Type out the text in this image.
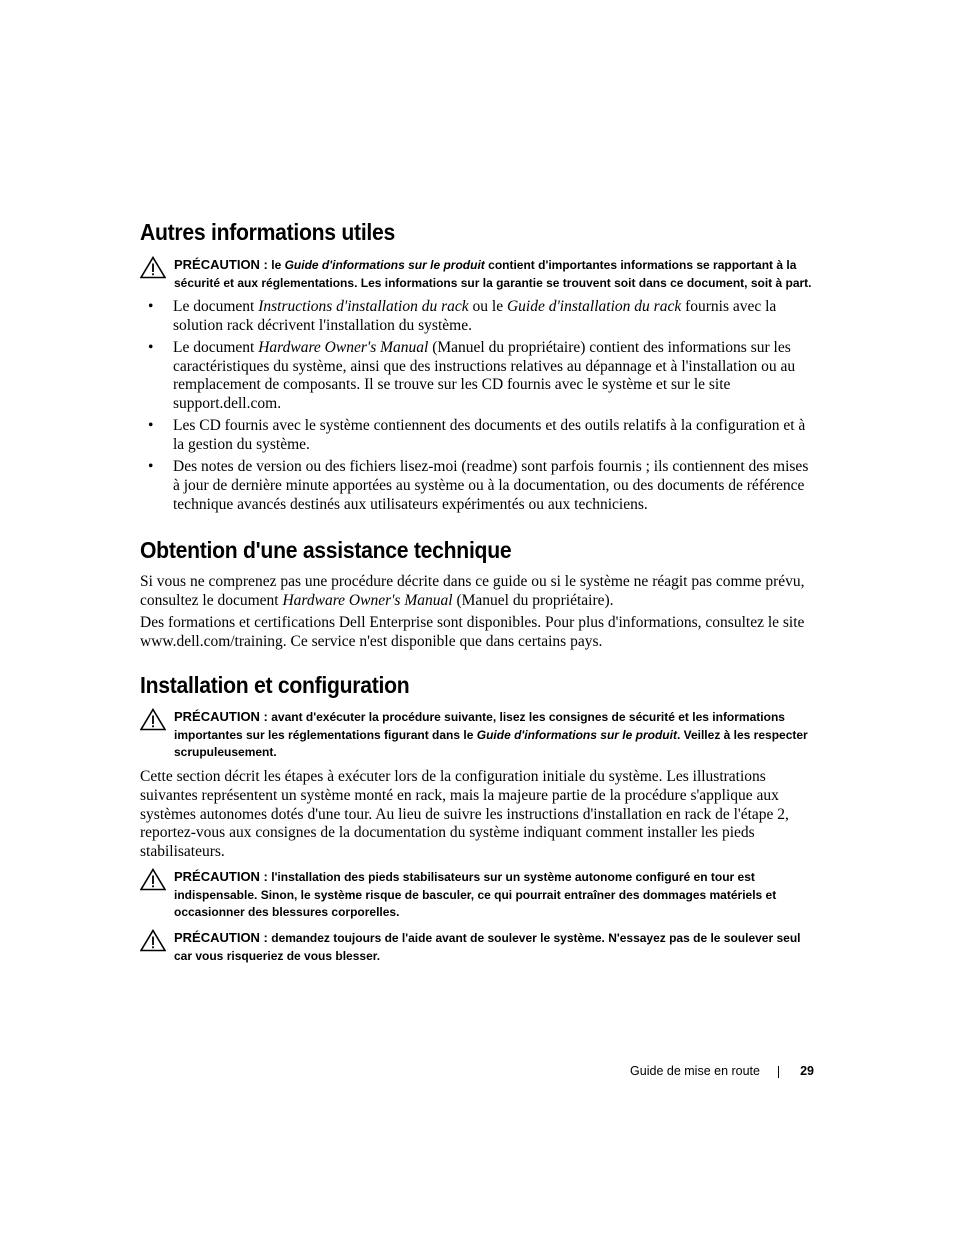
Autres informations utiles
PRÉCAUTION : le Guide d'informations sur le produit contient d'importantes informations se rapportant à la sécurité et aux réglementations. Les informations sur la garantie se trouvent soit dans ce document, soit à part.
• Le document Instructions d'installation du rack ou le Guide d'installation du rack fournis avec la solution rack décrivent l'installation du système.
• Le document Hardware Owner's Manual (Manuel du propriétaire) contient des informations sur les caractéristiques du système, ainsi que des instructions relatives au dépannage et à l'installation ou au remplacement de composants. Il se trouve sur les CD fournis avec le système et sur le site support.dell.com.
• Les CD fournis avec le système contiennent des documents et des outils relatifs à la configuration et à la gestion du système.
• Des notes de version ou des fichiers lisez-moi (readme) sont parfois fournis ; ils contiennent des mises à jour de dernière minute apportées au système ou à la documentation, ou des documents de référence technique avancés destinés aux utilisateurs expérimentés ou aux techniciens.
Obtention d'une assistance technique

Si vous ne comprenez pas une procédure décrite dans ce guide ou si le système ne réagit pas comme prévu, consultez le document Hardware Owner's Manual (Manuel du propriétaire).

Des formations et certifications Dell Enterprise sont disponibles. Pour plus d'informations, consultez le site www.dell.com/training. Ce service n'est disponible que dans certains pays.

Installation et configuration
PRÉCAUTION : avant d'exécuter la procédure suivante, lisez les consignes de sécurité et les informations importantes sur les réglementations figurant dans le Guide d'informations sur le produit. Veillez à les respecter scrupuleusement.

Cette section décrit les étapes à exécuter lors de la configuration initiale du système. Les illustrations suivantes représentent un système monté en rack, mais la majeure partie de la procédure s'applique aux systèmes autonomes dotés d'une tour. Au lieu de suivre les instructions d'installation en rack de l'étape 2, reportez-vous aux consignes de la documentation du système indiquant comment installer les pieds stabilisateurs.

PRÉCAUTION : l'installation des pieds stabilisateurs sur un système autonome configuré en tour est indispensable. Sinon, le système risque de basculer, ce qui pourrait entraîner des dommages matériels et occasionner des blessures corporelles.
PRÉCAUTION : demandez toujours de l'aide avant de soulever le système. N'essayez pas de le soulever seul car vous risqueriez de vous blesser.
Guide de mise en route	29
